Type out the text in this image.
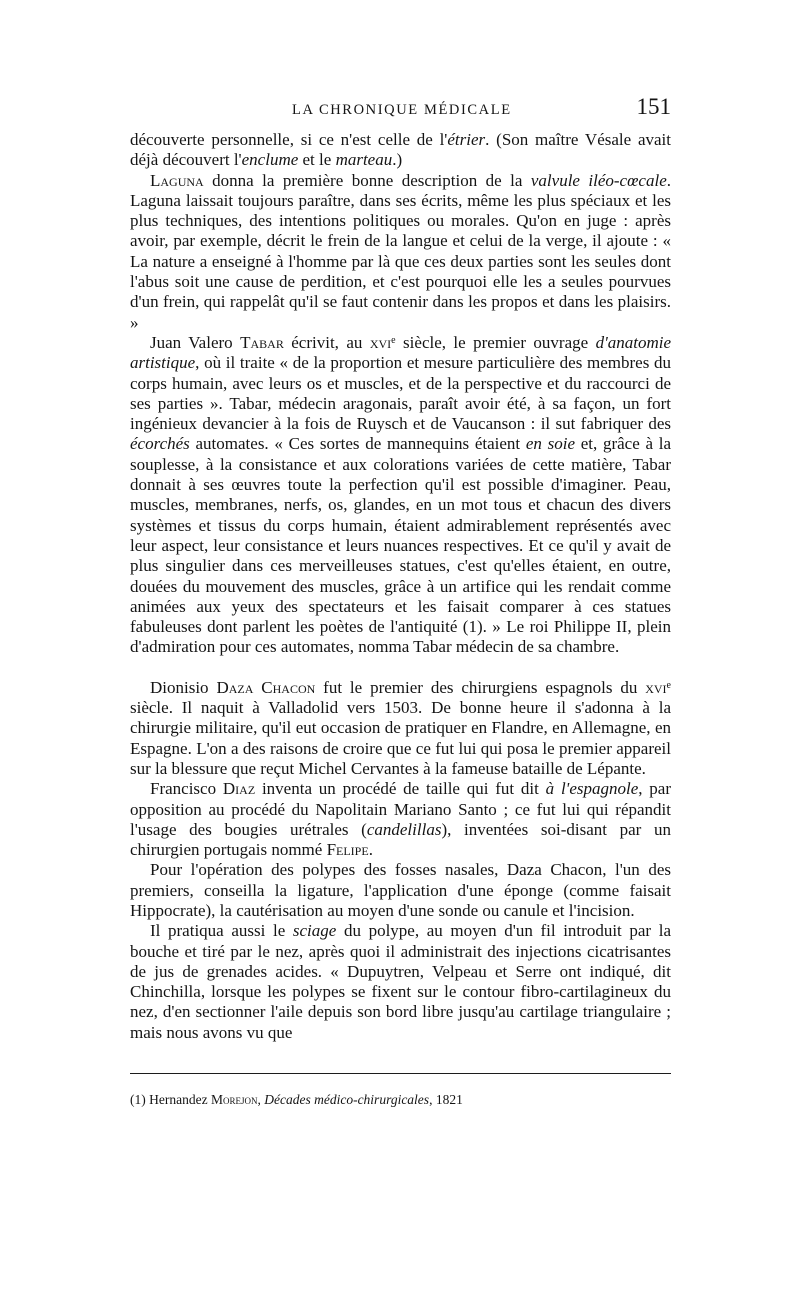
LA CHRONIQUE MÉDICALE	151

découverte personnelle, si ce n'est celle de l'étrier. (Son maître Vésale avait déjà découvert l'enclume et le marteau.)

Laguna donna la première bonne description de la valvule iléo-cœcale. Laguna laissait toujours paraître, dans ses écrits, même les plus spéciaux et les plus techniques, des intentions politiques ou morales. Qu'on en juge : après avoir, par exemple, décrit le frein de la langue et celui de la verge, il ajoute : « La nature a enseigné à l'homme par là que ces deux parties sont les seules dont l'abus soit une cause de perdition, et c'est pourquoi elle les a seules pourvues d'un frein, qui rappelât qu'il se faut contenir dans les propos et dans les plaisirs. »

Juan Valero Tabar écrivit, au xvi$^e$ siècle, le premier ouvrage d'anatomie artistique, où il traite « de la proportion et mesure particulière des membres du corps humain, avec leurs os et muscles, et de la perspective et du raccourci de ses parties ». Tabar, médecin aragonais, paraît avoir été, à sa façon, un fort ingénieux devancier à la fois de Ruysch et de Vaucanson : il sut fabriquer des écorchés automates. « Ces sortes de mannequins étaient en soie et, grâce à la souplesse, à la consistance et aux colorations variées de cette matière, Tabar donnait à ses œuvres toute la perfection qu'il est possible d'imaginer. Peau, muscles, membranes, nerfs, os, glandes, en un mot tous et chacun des divers systèmes et tissus du corps humain, étaient admirablement représentés avec leur aspect, leur consistance et leurs nuances respectives. Et ce qu'il y avait de plus singulier dans ces merveilleuses statues, c'est qu'elles étaient, en outre, douées du mouvement des muscles, grâce à un artifice qui les rendait comme animées aux yeux des spectateurs et les faisait comparer à ces statues fabuleuses dont parlent les poètes de l'antiquité (1). » Le roi Philippe II, plein d'admiration pour ces automates, nomma Tabar médecin de sa chambre.

Dionisio Daza Chacon fut le premier des chirurgiens espagnols du xvi$^e$ siècle. Il naquit à Valladolid vers 1503. De bonne heure il s'adonna à la chirurgie militaire, qu'il eut occasion de pratiquer en Flandre, en Allemagne, en Espagne. L'on a des raisons de croire que ce fut lui qui posa le premier appareil sur la blessure que reçut Michel Cervantes à la fameuse bataille de Lépante.

Francisco Diaz inventa un procédé de taille qui fut dit à l'espagnole, par opposition au procédé du Napolitain Mariano Santo ; ce fut lui qui répandit l'usage des bougies urétrales (candelillas), inventées soi-disant par un chirurgien portugais nommé Felipe.

Pour l'opération des polypes des fosses nasales, Daza Chacon, l'un des premiers, conseilla la ligature, l'application d'une éponge (comme faisait Hippocrate), la cautérisation au moyen d'une sonde ou canule et l'incision.

Il pratiqua aussi le sciage du polype, au moyen d'un fil introduit par la bouche et tiré par le nez, après quoi il administrait des injections cicatrisantes de jus de grenades acides. « Dupuytren, Velpeau et Serre ont indiqué, dit Chinchilla, lorsque les polypes se fixent sur le contour fibro-cartilagineux du nez, d'en sectionner l'aile depuis son bord libre jusqu'au cartilage triangulaire ; mais nous avons vu que

(1) Hernandez Morejon, Décades médico-chirurgicales, 1821
